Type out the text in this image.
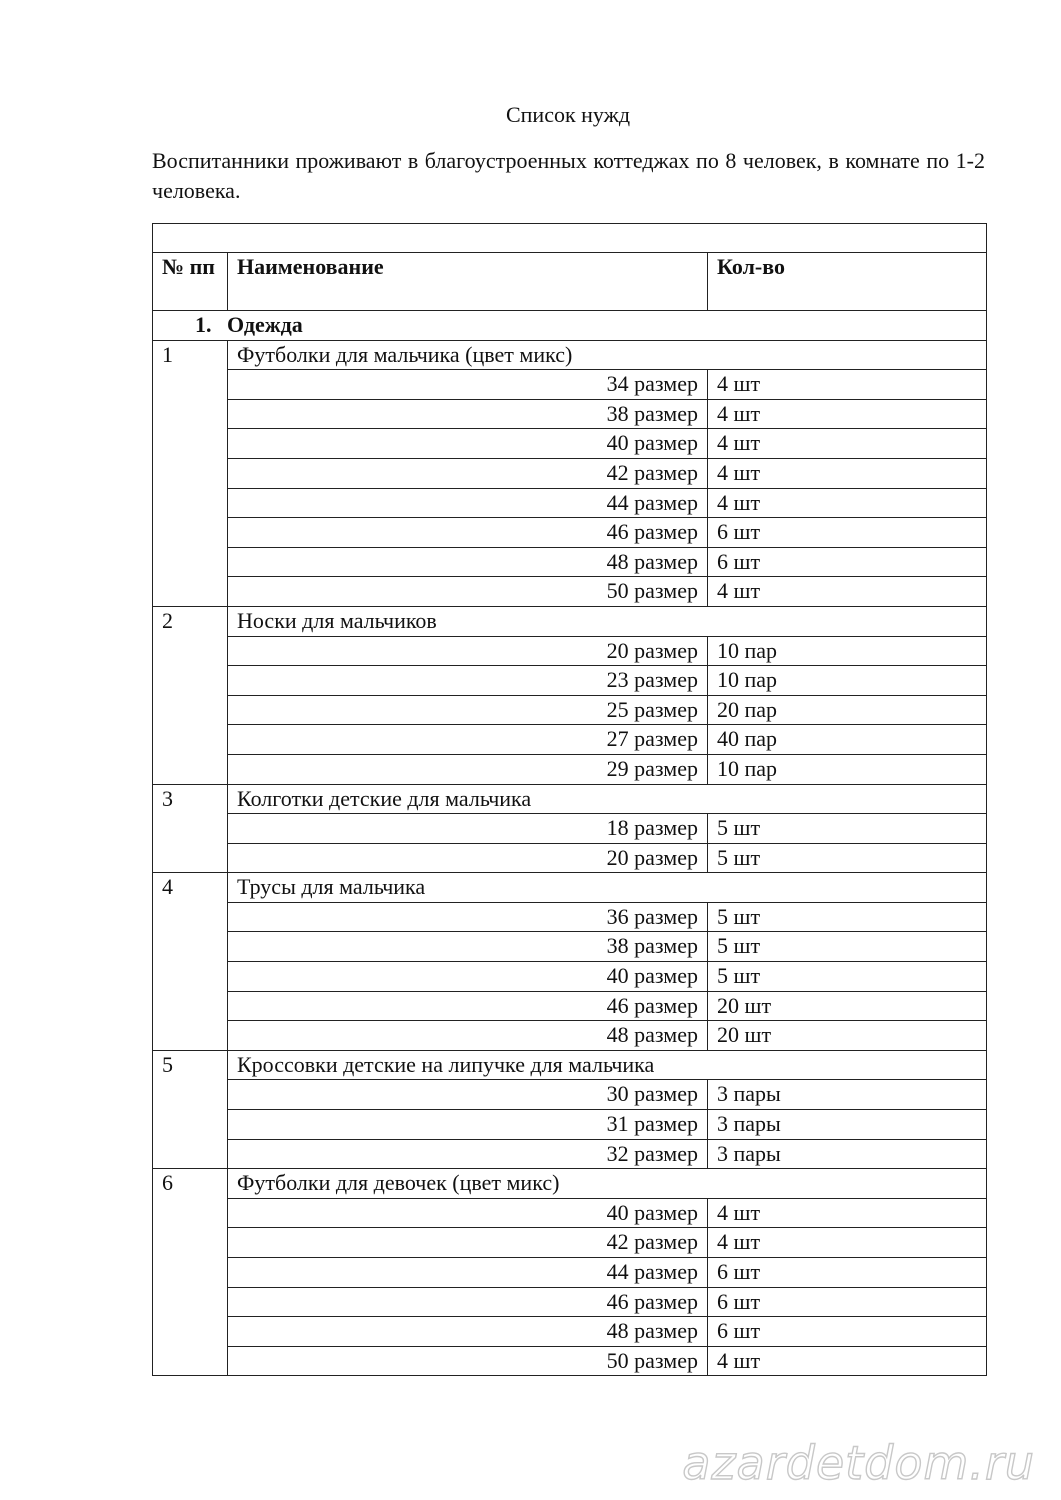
Список нужд
Воспитанники проживают в благоустроенных коттеджах по 8 человек, в комнате по 1-2 человека.

№ пп	Наименование	Кол-во
1. Одежда		
1	Футболки для мальчика (цвет микс)	
	34 размер	4 шт
	38 размер	4 шт
	40 размер	4 шт
	42 размер	4 шт
	44 размер	4 шт
	46 размер	6 шт
	48 размер	6 шт
	50 размер	4 шт
2	Носки для мальчиков	
	20 размер	10 пар
	23 размер	10 пар
	25 размер	20 пар
	27 размер	40 пар
	29 размер	10 пар
3	Колготки детские для мальчика	
	18 размер	5 шт
	20 размер	5 шт
4	Трусы для мальчика	
	36 размер	5 шт
	38 размер	5 шт
	40 размер	5 шт
	46 размер	20 шт
	48 размер	20 шт
5	Кроссовки детские на липучке для мальчика	
	30 размер	3 пары
	31 размер	3 пары
	32 размер	3 пары
6	Футболки для девочек (цвет микс)	
	40 размер	4 шт
	42 размер	4 шт
	44 размер	6 шт
	46 размер	6 шт
	48 размер	6 шт
	50 размер	4 шт
azardetdom.ru
